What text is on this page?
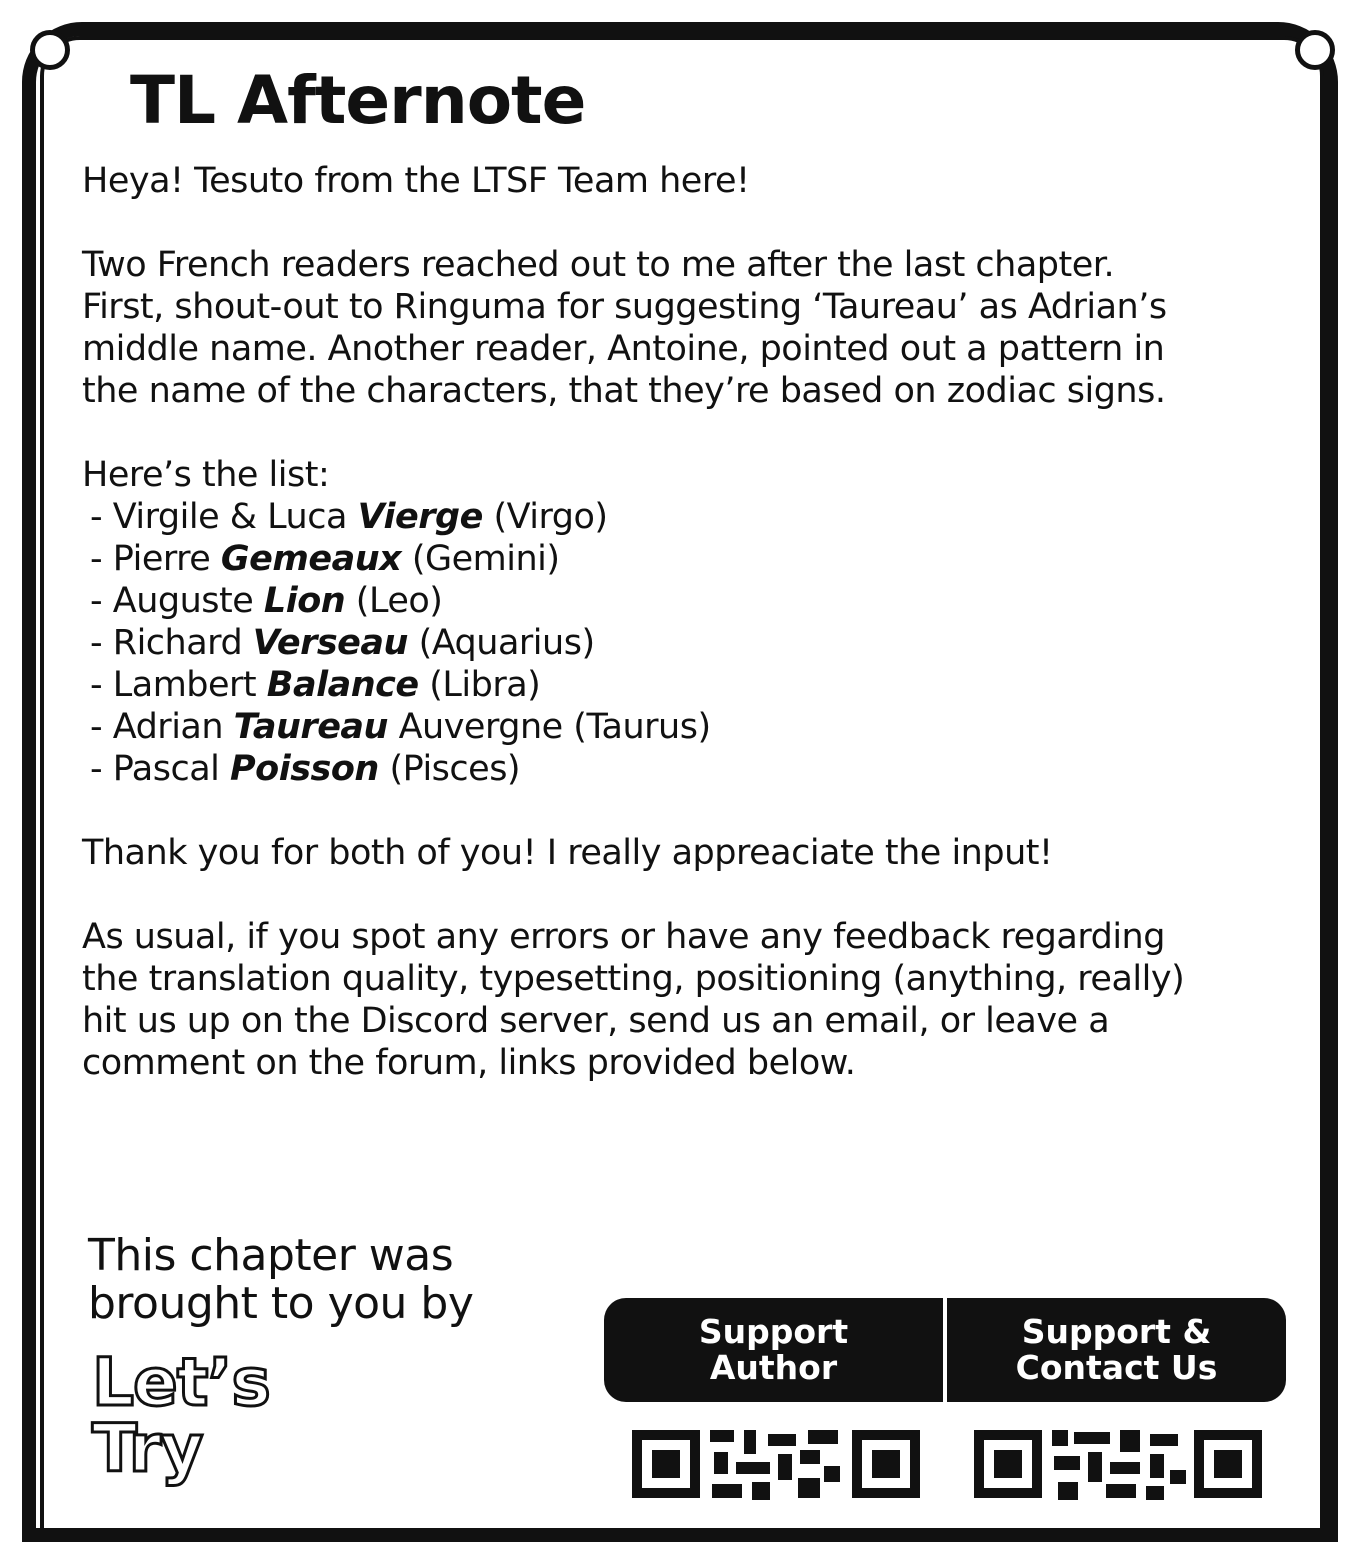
TL Afternote

Heya! Tesuto from the LTSF Team here!

Two French readers reached out to me after the last chapter.

First, shout-out to Ringuma for suggesting ‘Taureau’ as Adrian’s

middle name. Another reader, Antoine, pointed out a pattern in

the name of the characters, that they’re based on zodiac signs.

Here’s the list:

- Virgile & Luca Vierge (Virgo)
- Pierre Gemeaux (Gemini)
- Auguste Lion (Leo)
- Richard Verseau (Aquarius)
- Lambert Balance (Libra)
- Adrian Taureau Auvergne (Taurus)
- Pascal Poisson (Pisces)

Thank you for both of you! I really appreaciate the input!

As usual, if you spot any errors or have any feedback regarding

the translation quality, typesetting, positioning (anything, really)

hit us up on the Discord server, send us an email, or leave a

comment on the forum, links provided below.

This chapter was
brought to you by
Let’s
Try
Support
Author
Support &
Contact Us
